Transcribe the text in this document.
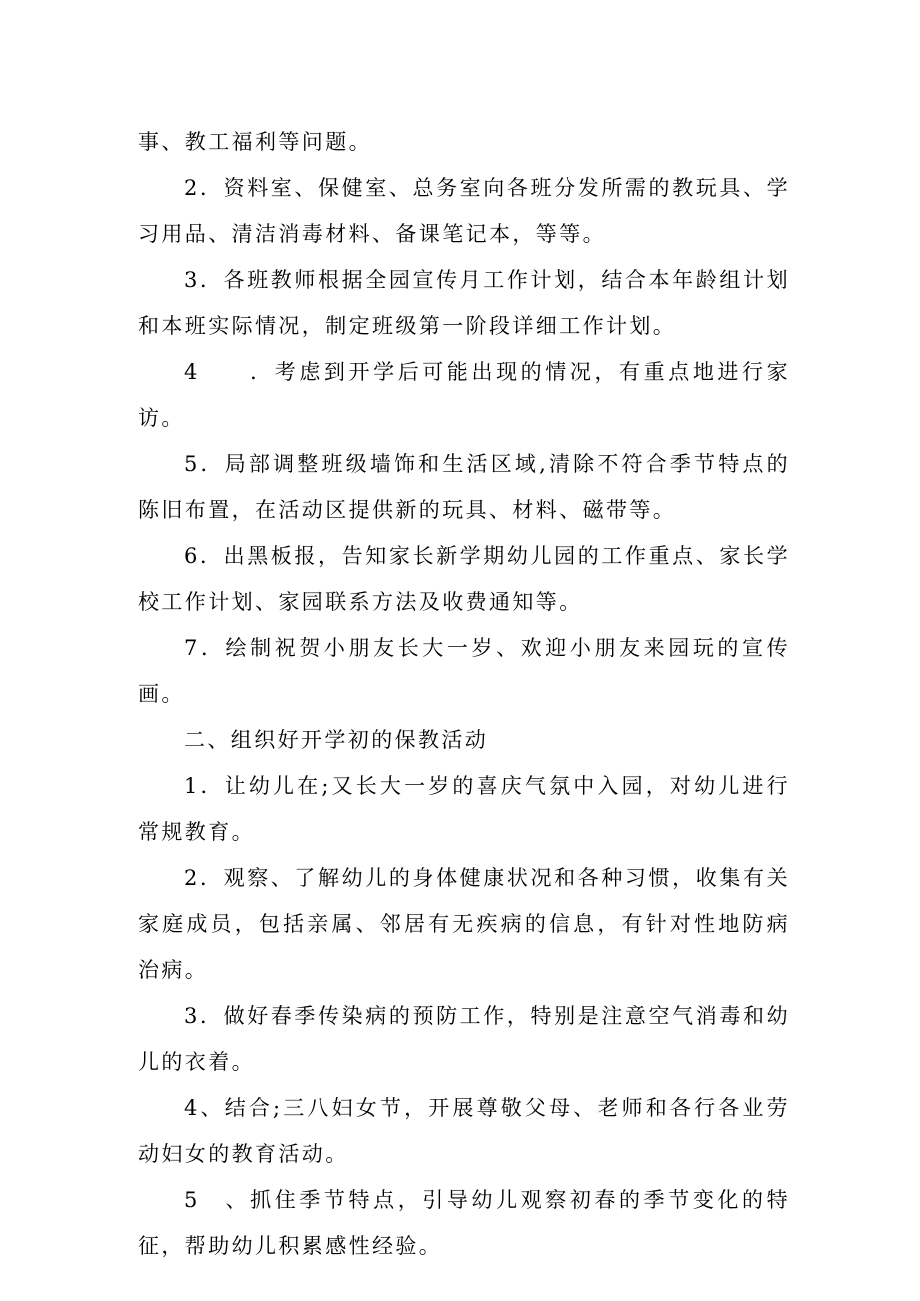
事、教工福利等问题。

2．资料室、保健室、总务室向各班分发所需的教玩具、学习用品、清洁消毒材料、备课笔记本，等等。

3．各班教师根据全园宣传月工作计划，结合本年龄组计划和本班实际情况，制定班级第一阶段详细工作计划。

4　　．考虑到开学后可能出现的情况，有重点地进行家访。

5．局部调整班级墙饰和生活区域,清除不符合季节特点的陈旧布置，在活动区提供新的玩具、材料、磁带等。

6．出黑板报，告知家长新学期幼儿园的工作重点、家长学校工作计划、家园联系方法及收费通知等。

7．绘制祝贺小朋友长大一岁、欢迎小朋友来园玩的宣传画。

二、组织好开学初的保教活动

1．让幼儿在;又长大一岁的喜庆气氛中入园，对幼儿进行常规教育。

2．观察、了解幼儿的身体健康状况和各种习惯，收集有关家庭成员，包括亲属、邻居有无疾病的信息，有针对性地防病治病。

3．做好春季传染病的预防工作，特别是注意空气消毒和幼儿的衣着。

4、结合;三八妇女节，开展尊敬父母、老师和各行各业劳动妇女的教育活动。

5　、抓住季节特点，引导幼儿观察初春的季节变化的特征，帮助幼儿积累感性经验。
